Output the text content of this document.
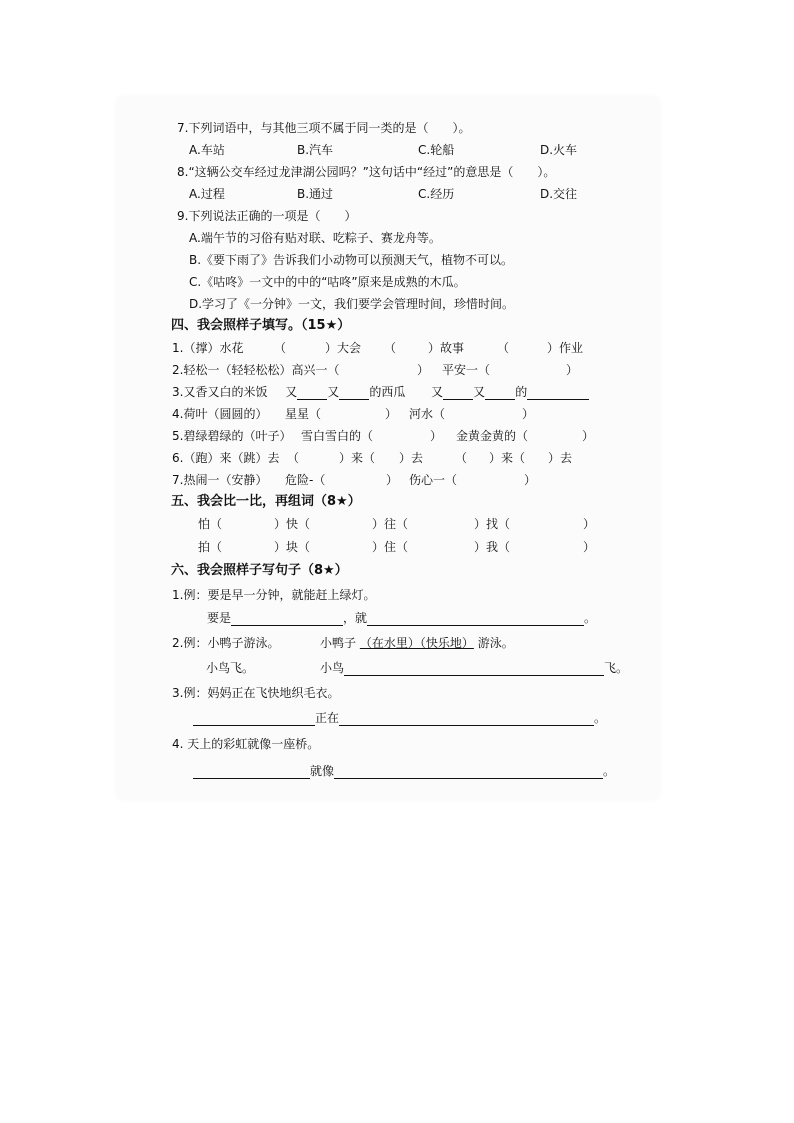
7.下列词语中，与其他三项不属于同一类的是（　　）。
A.车站	B.汽车	C.轮船	D.火车
8.“这辆公交车经过龙津湖公园吗？”这句话中“经过”的意思是（　　）。
A.过程	B.通过	C.经历	D.交往
9.下列说法正确的一项是（　　）
A.端午节的习俗有贴对联、吃粽子、赛龙舟等。
B.《要下雨了》告诉我们小动物可以预测天气，植物不可以。
C.《咕咚》一文中的中的“咕咚”原来是成熟的木瓜。
D.学习了《一分钟》一文，我们要学会管理时间，珍惜时间。
四、我会照样子填写。（15★）
1.（撑）水花	（	）大会 （	）故事	（	）作业
2.轻松一（轻轻松松）高兴一（	） 平安一（	）
3.又香又白的米饭 又	又	的西瓜 又	又	的
4.荷叶（圆圆的） 星星（	） 河水（	）
5.碧绿碧绿的（叶子） 雪白雪白的（	） 金黄金黄的（	）
6.（跑）来（跳）去 （	）来（ ）去	（ ）来（ ）去
7.热闹一（安静） 危险-（	） 伤心一（	）
五、我会比一比，再组词（8★）
怕（	）快（	）往（	）找（	）
拍（	）块（	）住（	）我（	）
六、我会照样子写句子（8★）
1.例：要是早一分钟，就能赶上绿灯。
要是	，就	。
2.例：小鸭子游泳。	小鸭子 （在水里）（快乐地） 游泳。
小鸟飞。	小鸟	飞。
3.例：妈妈正在飞快地织毛衣。
正在	。
4. 天上的彩虹就像一座桥。
就像	。
